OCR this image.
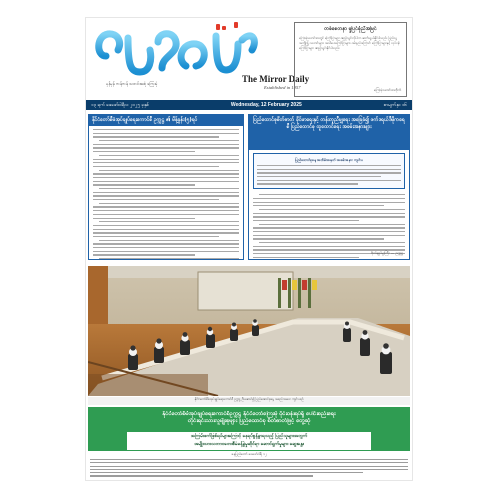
မှန်မှန် ကန်ကန် သတင်းအစုံ ကြေးမုံ	The Mirror Daily
Established in 1957
တစ်စေတနာ မှုပြင်စုံညီအမြင်
ကြေးမုံသတင်းစာတွင် ကြော်ငြာများ ထည့်သွင်းလိုပါက ဆက်သွယ်နိုင်ပါသည်။ ပြည်သူ့ အကျိုးပြု သတင်းများ၊ အသိပေးကြော်ငြာများ၊ ဝမ်းနည်းကြောင်း ကြော်ငြာများနှင့် လုပ်ငန်းကြော်ငြာများ ထည့်သွင်းနိုင်ပါသည်။
ကြေးမုံသတင်းစာတိုက်
၁၃ ရက် ဖေဖော်ဝါရီလ ၂၀၂၅ ခုနှစ်	Wednesday, 12 February 2025	စာမျက်နှာ ၁၆
နိုင်ငံတော်စီမံအုပ်ချုပ်ရေးကောင်စီ ဥက္ကဋ္ဌ ၏ မိန့်ခွန်း(၅)ရပ်	ပြည်ထောင်စုစိတ်ဓာတ် ခိုင်မာရေးနှင့် တန်းတူညီမျှရေး အခြေခံ၍ ဖက်ဒရယ်ဒီမိုကရေစီ ပြည်ထောင်စု ထူထောင်ရေး အခမ်းအနားများ
ပြည်ထောင်စုနေ့ အထိမ်းအမှတ် အခမ်းအနား ကျင်းပ
ဗိုလ်ချုပ်မှူးကြီး — ဥက္ကဋ္ဌ
နိုင်ငံတော်စီမံအုပ်ချုပ်ရေးကောင်စီ ဥက္ကဋ္ဌ ဦးဆောင်၍ ပြည်ထောင်စုနေ့ အစည်းအဝေး ကျင်းပစဉ်
နိုင်ငံတော်စီမံအုပ်ချုပ်ရေးကောင်စီဥက္ကဋ္ဌ နိုင်ငံတော်ကြေးမုံ ဝိုင်းဝန်းရပ်ရှိ ပေါင်းစည်းရေး
တိုင်းရင်းသားလူမျိုးစုများ ပြည်ထောင်စု စိတ်ဓာတ်ဖြင့် တွေ့ဆုံ
အကြမ်းဖက်ဖြစ်ရပ်များကြောင့် နေရပ်စွန့်ခွာရသည့် ပြည်သူများအတွက်
အမျိုးသားသဘာဝဘေးစီမံခန့်ခွဲမှုဆိုင်ရာ ဆောင်ရွက်မှုများ ဆွေးနွေး
နေပြည်တော် ဖေဖော်ဝါရီ ၁၂
